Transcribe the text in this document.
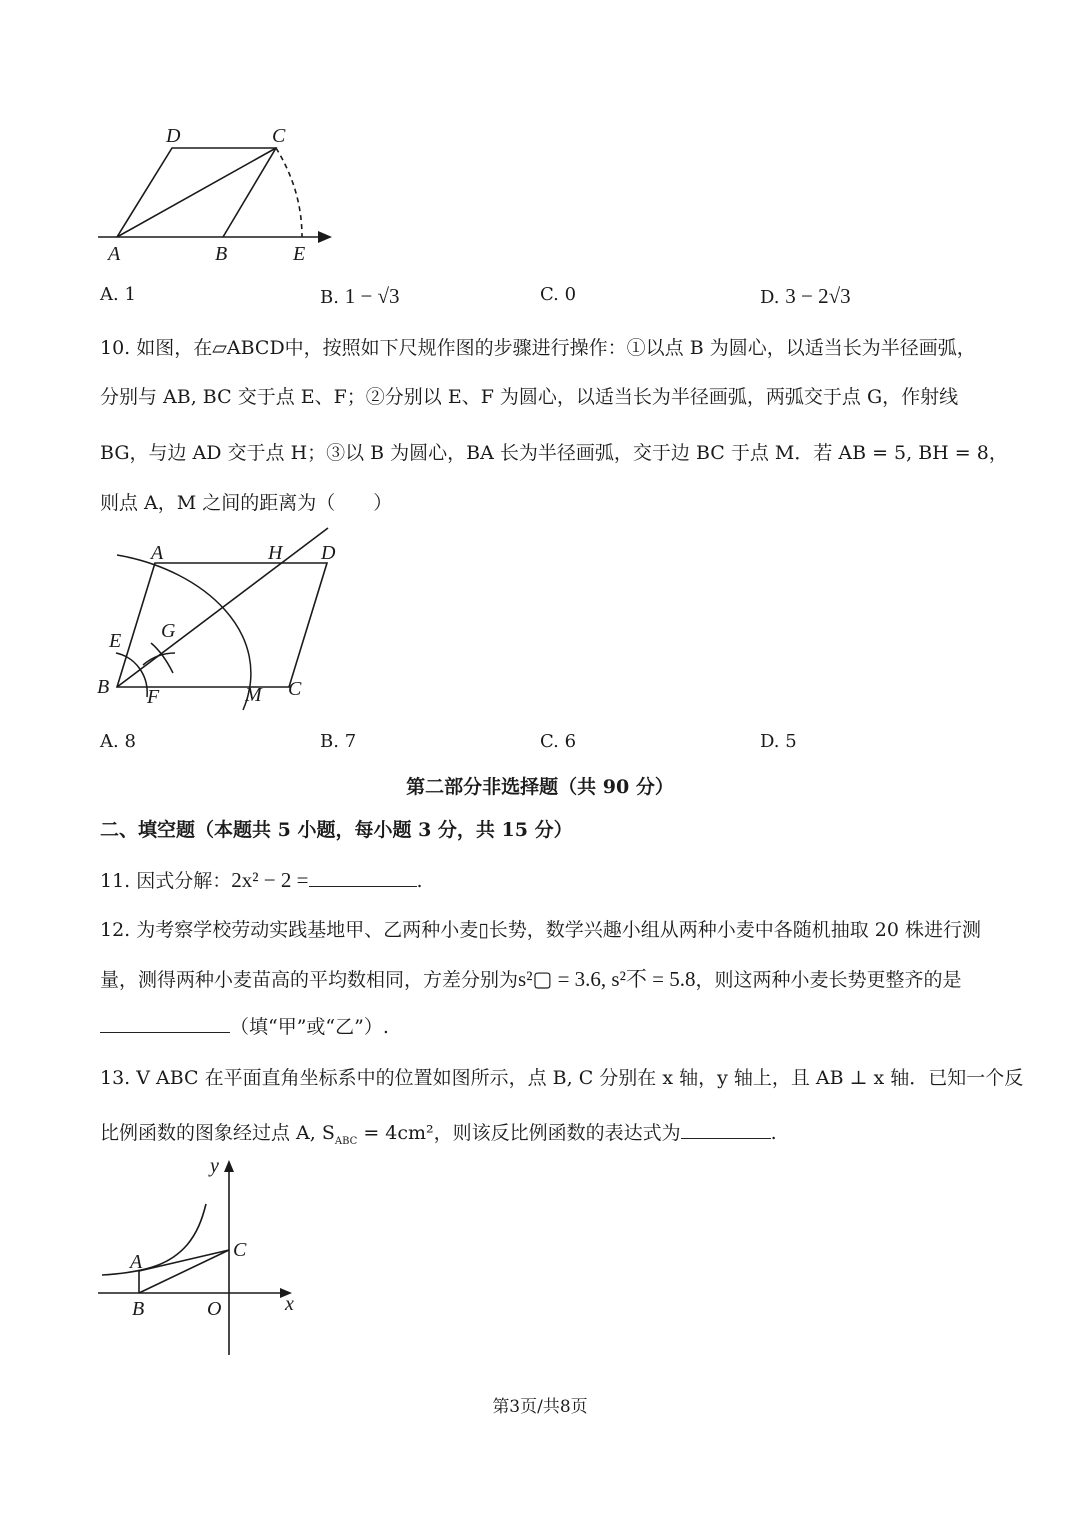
D	C
A	B	E
A. 1	B. 1 − √3	C. 0	D. 3 − 2√3
10. 如图，在▱ABCD中，按照如下尺规作图的步骤进行操作：①以点 B 为圆心，以适当长为半径画弧，
分别与 AB, BC 交于点 E、F；②分别以 E、F 为圆心，以适当长为半径画弧，两弧交于点 G，作射线
BG，与边 AD 交于点 H；③以 B 为圆心，BA 长为半径画弧，交于边 BC 于点 M．若 AB = 5, BH = 8，
则点 A，M 之间的距离为（　　）
A	H D
E G
B F	M C
A. 8	B. 7	C. 6	D. 5
第二部分非选择题（共 90 分）
二、填空题（本题共 5 小题，每小题 3 分，共 15 分）
11. 因式分解：2x² − 2 =	.
12. 为考察学校劳动实践基地甲、乙两种小麦▯长势，数学兴趣小组从两种小麦中各随机抽取 20 株进行测
量，测得两种小麦苗高的平均数相同，方差分别为s²▢ = 3.6, s²不 = 5.8，则这两种小麦长势更整齐的是
（填“甲”或“乙”）.
13. V ABC 在平面直角坐标系中的位置如图所示，点 B, C 分别在 x 轴，y 轴上，且 AB ⊥ x 轴．已知一个反
比例函数的图象经过点 A, $S_{ABC} = 4cm^2$，则该反比例函数的表达式为	.
y
A
C
B	O	x
第3页/共8页
